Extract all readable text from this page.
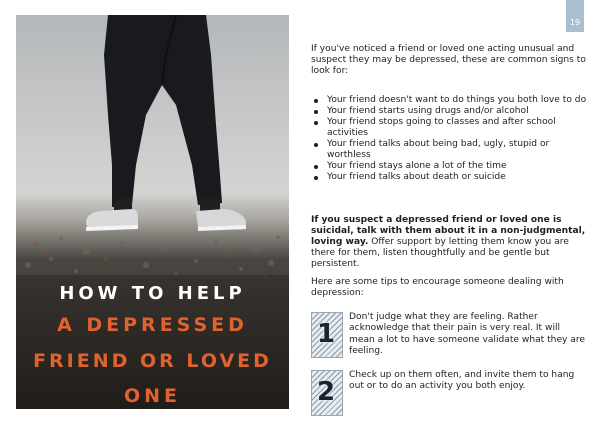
HOW TO HELP
A DEPRESSED
FRIEND OR LOVED
ONE
19
If you've noticed a friend or loved one acting unusual and suspect they may be depressed, these are common signs to look for:
Your friend doesn't want to do things you both love to do
Your friend starts using drugs and/or alcohol
Your friend stops going to classes and after school activities
Your friend talks about being bad, ugly, stupid or worthless
Your friend stays alone a lot of the time
Your friend talks about death or suicide
If you suspect a depressed friend or loved one is suicidal, talk with them about it in a non-judgmental, loving way. Offer support by letting them know you are there for them, listen thoughtfully and be gentle but persistent.
Here are some tips to encourage someone dealing with depression:
1
Don't judge what they are feeling. Rather acknowledge that their pain is very real. It will mean a lot to have someone validate what they are feeling.
2
Check up on them often, and invite them to hang out or to do an activity you both enjoy.
